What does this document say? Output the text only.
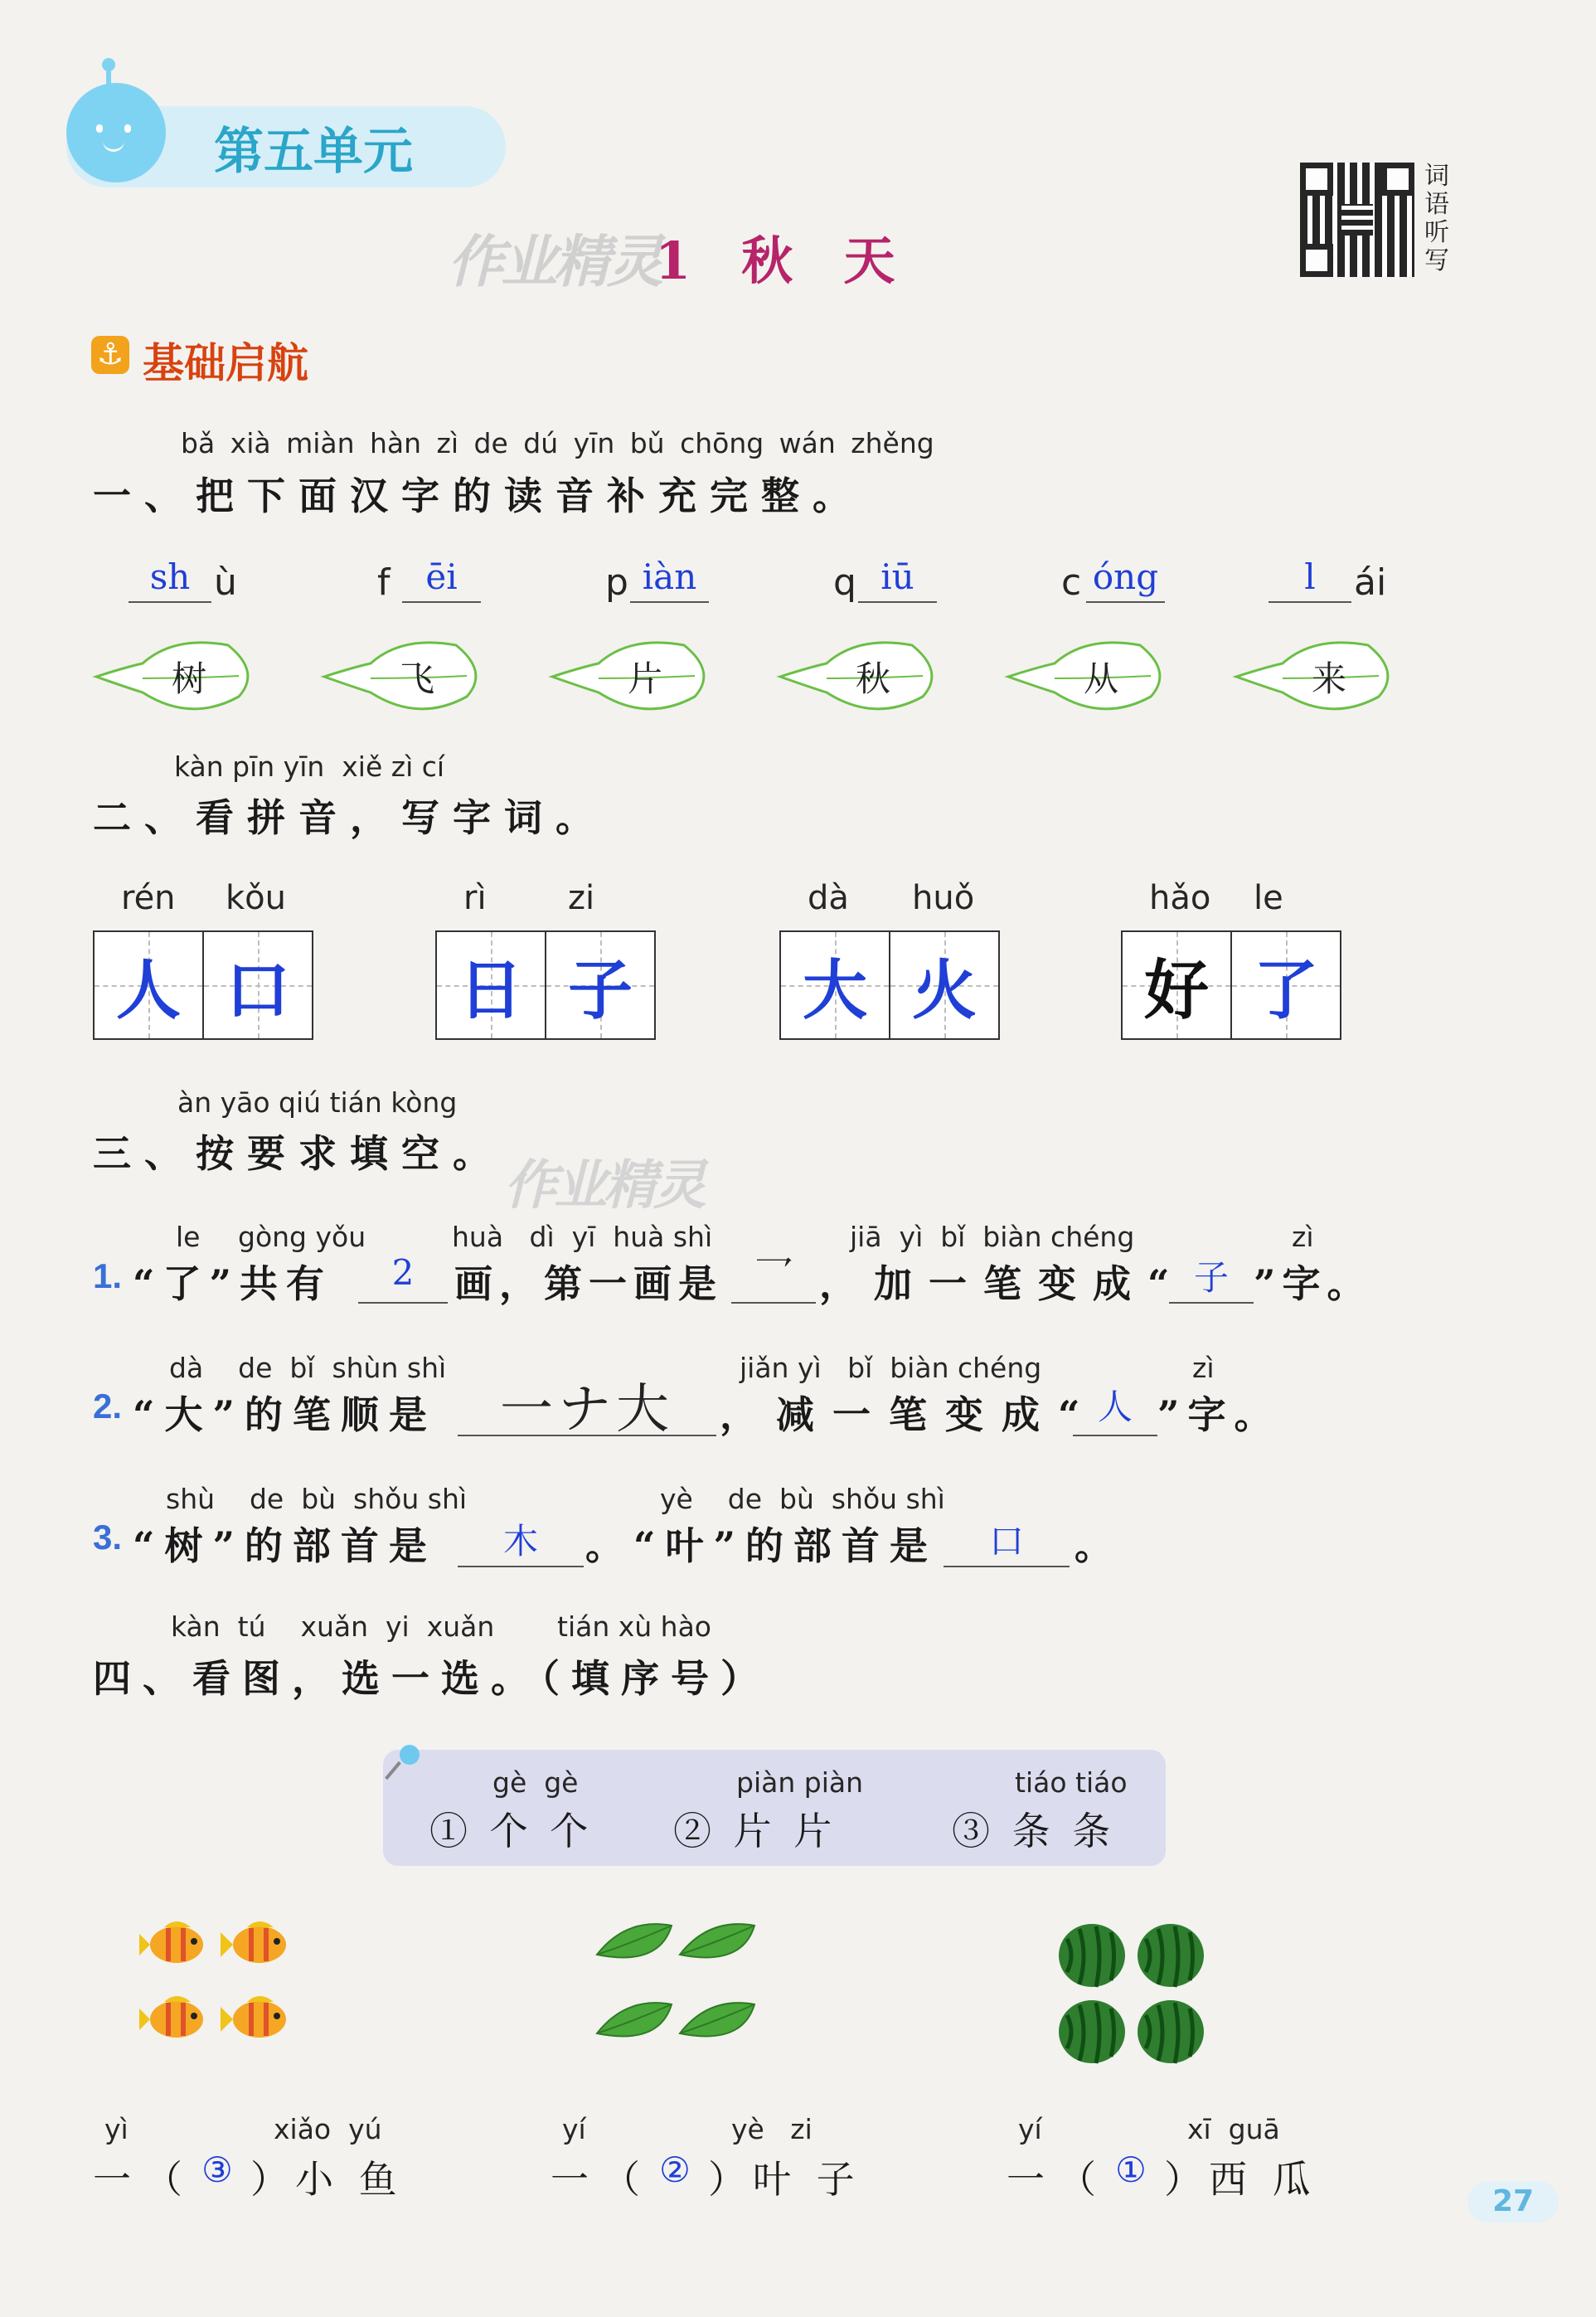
第五单元
作业精灵
1  秋  天
词语听写
⚓ 基础启航
bǎ xià miàn hàn zì de dú yīn bǔ chōng wán zhěng
一、把下面汉字的读音补充完整。
sh ù
树
f	ēi
飞
p iàn
片
q iū
秋
c óng
从
l	ái
来
kàn pīn yīn  xiě zì cí
二、看拼音，写字词。
rén kǒu
人 口
rì zi
日 子
dà huǒ
大 火
hǎo le
好 了
àn yāo qiú tián kòng
三、按要求填空。
作业精灵
le gòng yǒu	huà   dì  yī  huà shì	jiā  yì  bǐ  biàn chéng	zì
1. “了”共有	2	画，第一画是 乛 ，加一笔变成“ 子 ”字。
dà    de  bǐ  shùn shì	jiǎn yì   bǐ  biàn chéng	zì
2. “大”的笔顺是	一ナ大	，减一笔变成“ 人 ”字。
shù    de  bù  shǒu shì	yè    de  bù  shǒu shì
3. “树”的部首是	木	。“叶”的部首是	口	。
kàn  tú    xuǎn  yi  xuǎn tián xù hào
四、看图，选一选。（填序号）
gè  gè
① 个 个
piàn piàn
② 片 片
tiáo tiáo
③ 条 条
yì	xiǎo  yú
一（ ③ ）小 鱼
yí	yè   zi
一（ ② ）叶 子
yí	xī  guā
一（ ① ）西 瓜	27
